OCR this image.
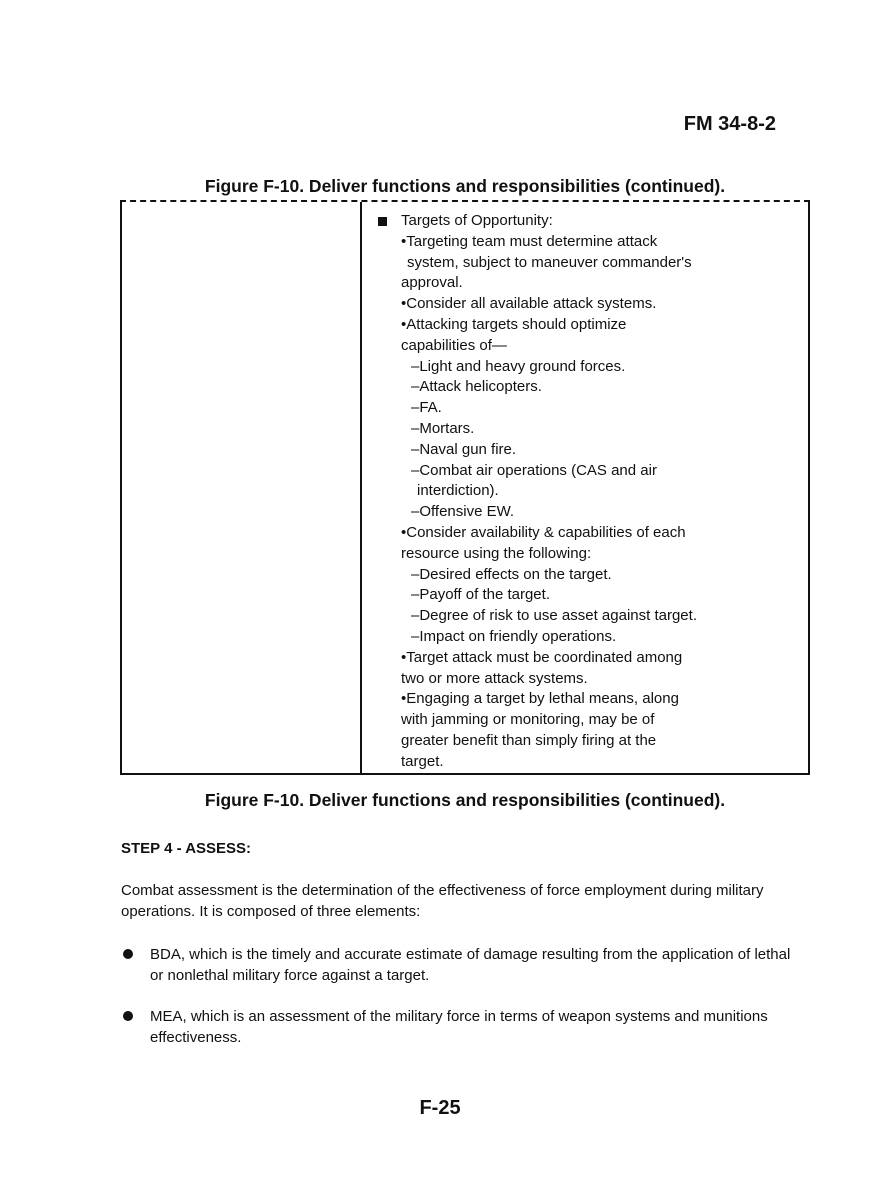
FM 34-8-2
Figure F-10. Deliver functions and responsibilities (continued).
Targets of Opportunity:
•Targeting team must determine attack
system, subject to maneuver commander's
approval.
•Consider all available attack systems.
•Attacking targets should optimize
capabilities of—
–Light and heavy ground forces.
–Attack helicopters.
–FA.
–Mortars.
–Naval gun fire.
–Combat air operations (CAS and air
interdiction).
–Offensive EW.
•Consider availability & capabilities of each
resource using the following:
–Desired effects on the target.
–Payoff of the target.
–Degree of risk to use asset against target.
–Impact on friendly operations.
•Target attack must be coordinated among
two or more attack systems.
•Engaging a target by lethal means, along
with jamming or monitoring, may be of
greater benefit than simply firing at the
target.
Figure F-10. Deliver functions and responsibilities (continued).
STEP 4 - ASSESS:
Combat assessment is the determination of the effectiveness of force employment during military operations. It is composed of three elements:
BDA, which is the timely and accurate estimate of damage resulting from the application of lethal or nonlethal military force against a target.
MEA, which is an assessment of the military force in terms of weapon systems and munitions effectiveness.
F-25
